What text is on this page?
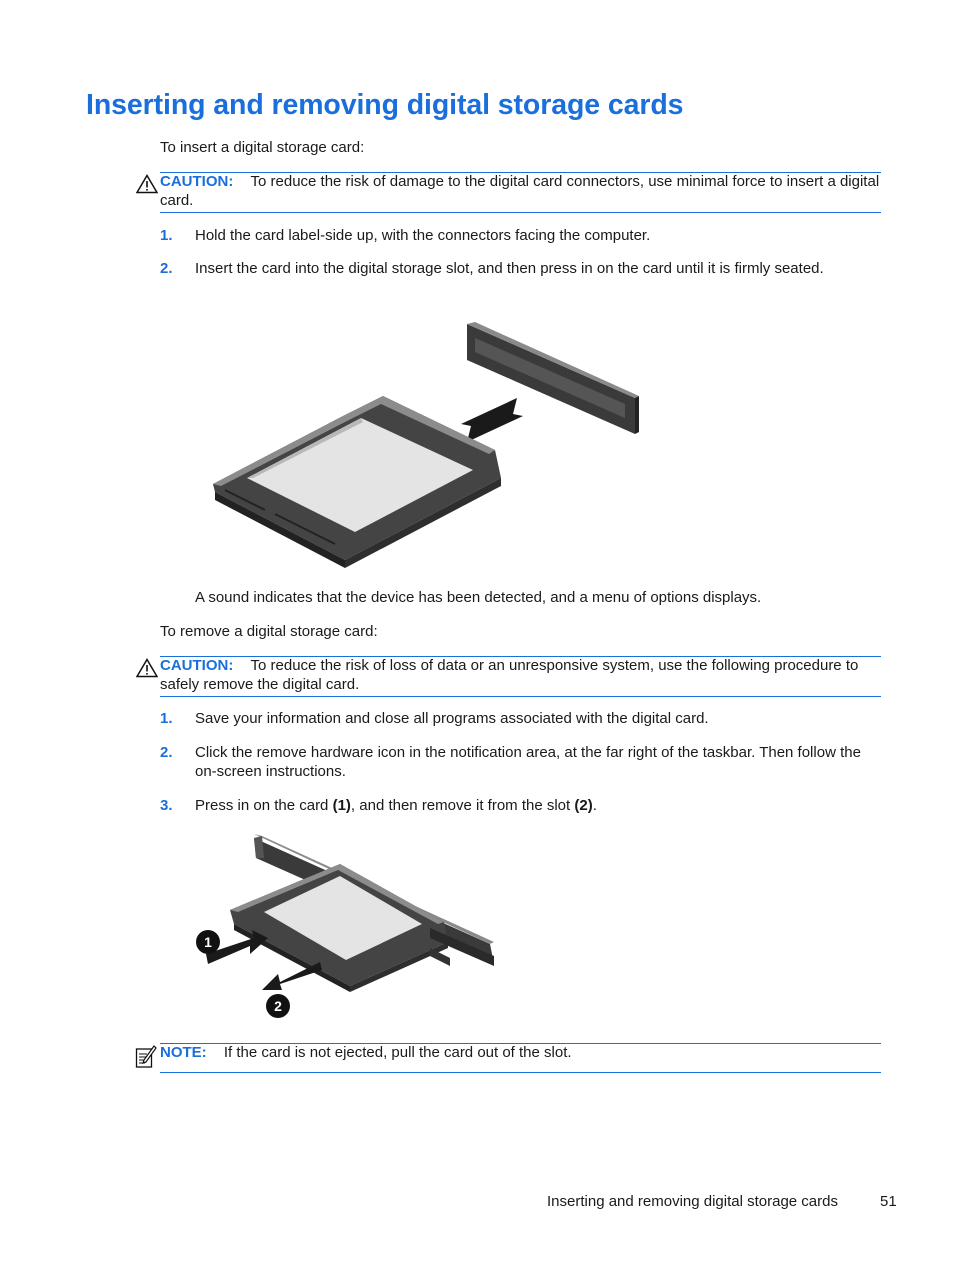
Inserting and removing digital storage cards

To insert a digital storage card:

CAUTION: To reduce the risk of damage to the digital card connectors, use minimal force to insert a digital card.
1. Hold the card label-side up, with the connectors facing the computer.
2. Insert the card into the digital storage slot, and then press in on the card until it is firmly seated.

A sound indicates that the device has been detected, and a menu of options displays.

To remove a digital storage card:

CAUTION: To reduce the risk of loss of data or an unresponsive system, use the following procedure to safely remove the digital card.
1. Save your information and close all programs associated with the digital card.
2. Click the remove hardware icon in the notification area, at the far right of the taskbar. Then follow the on-screen instructions.
3. Press in on the card (1), and then remove it from the slot (2).
1
2
NOTE: If the card is not ejected, pull the card out of the slot.
Inserting and removing digital storage cards	51
